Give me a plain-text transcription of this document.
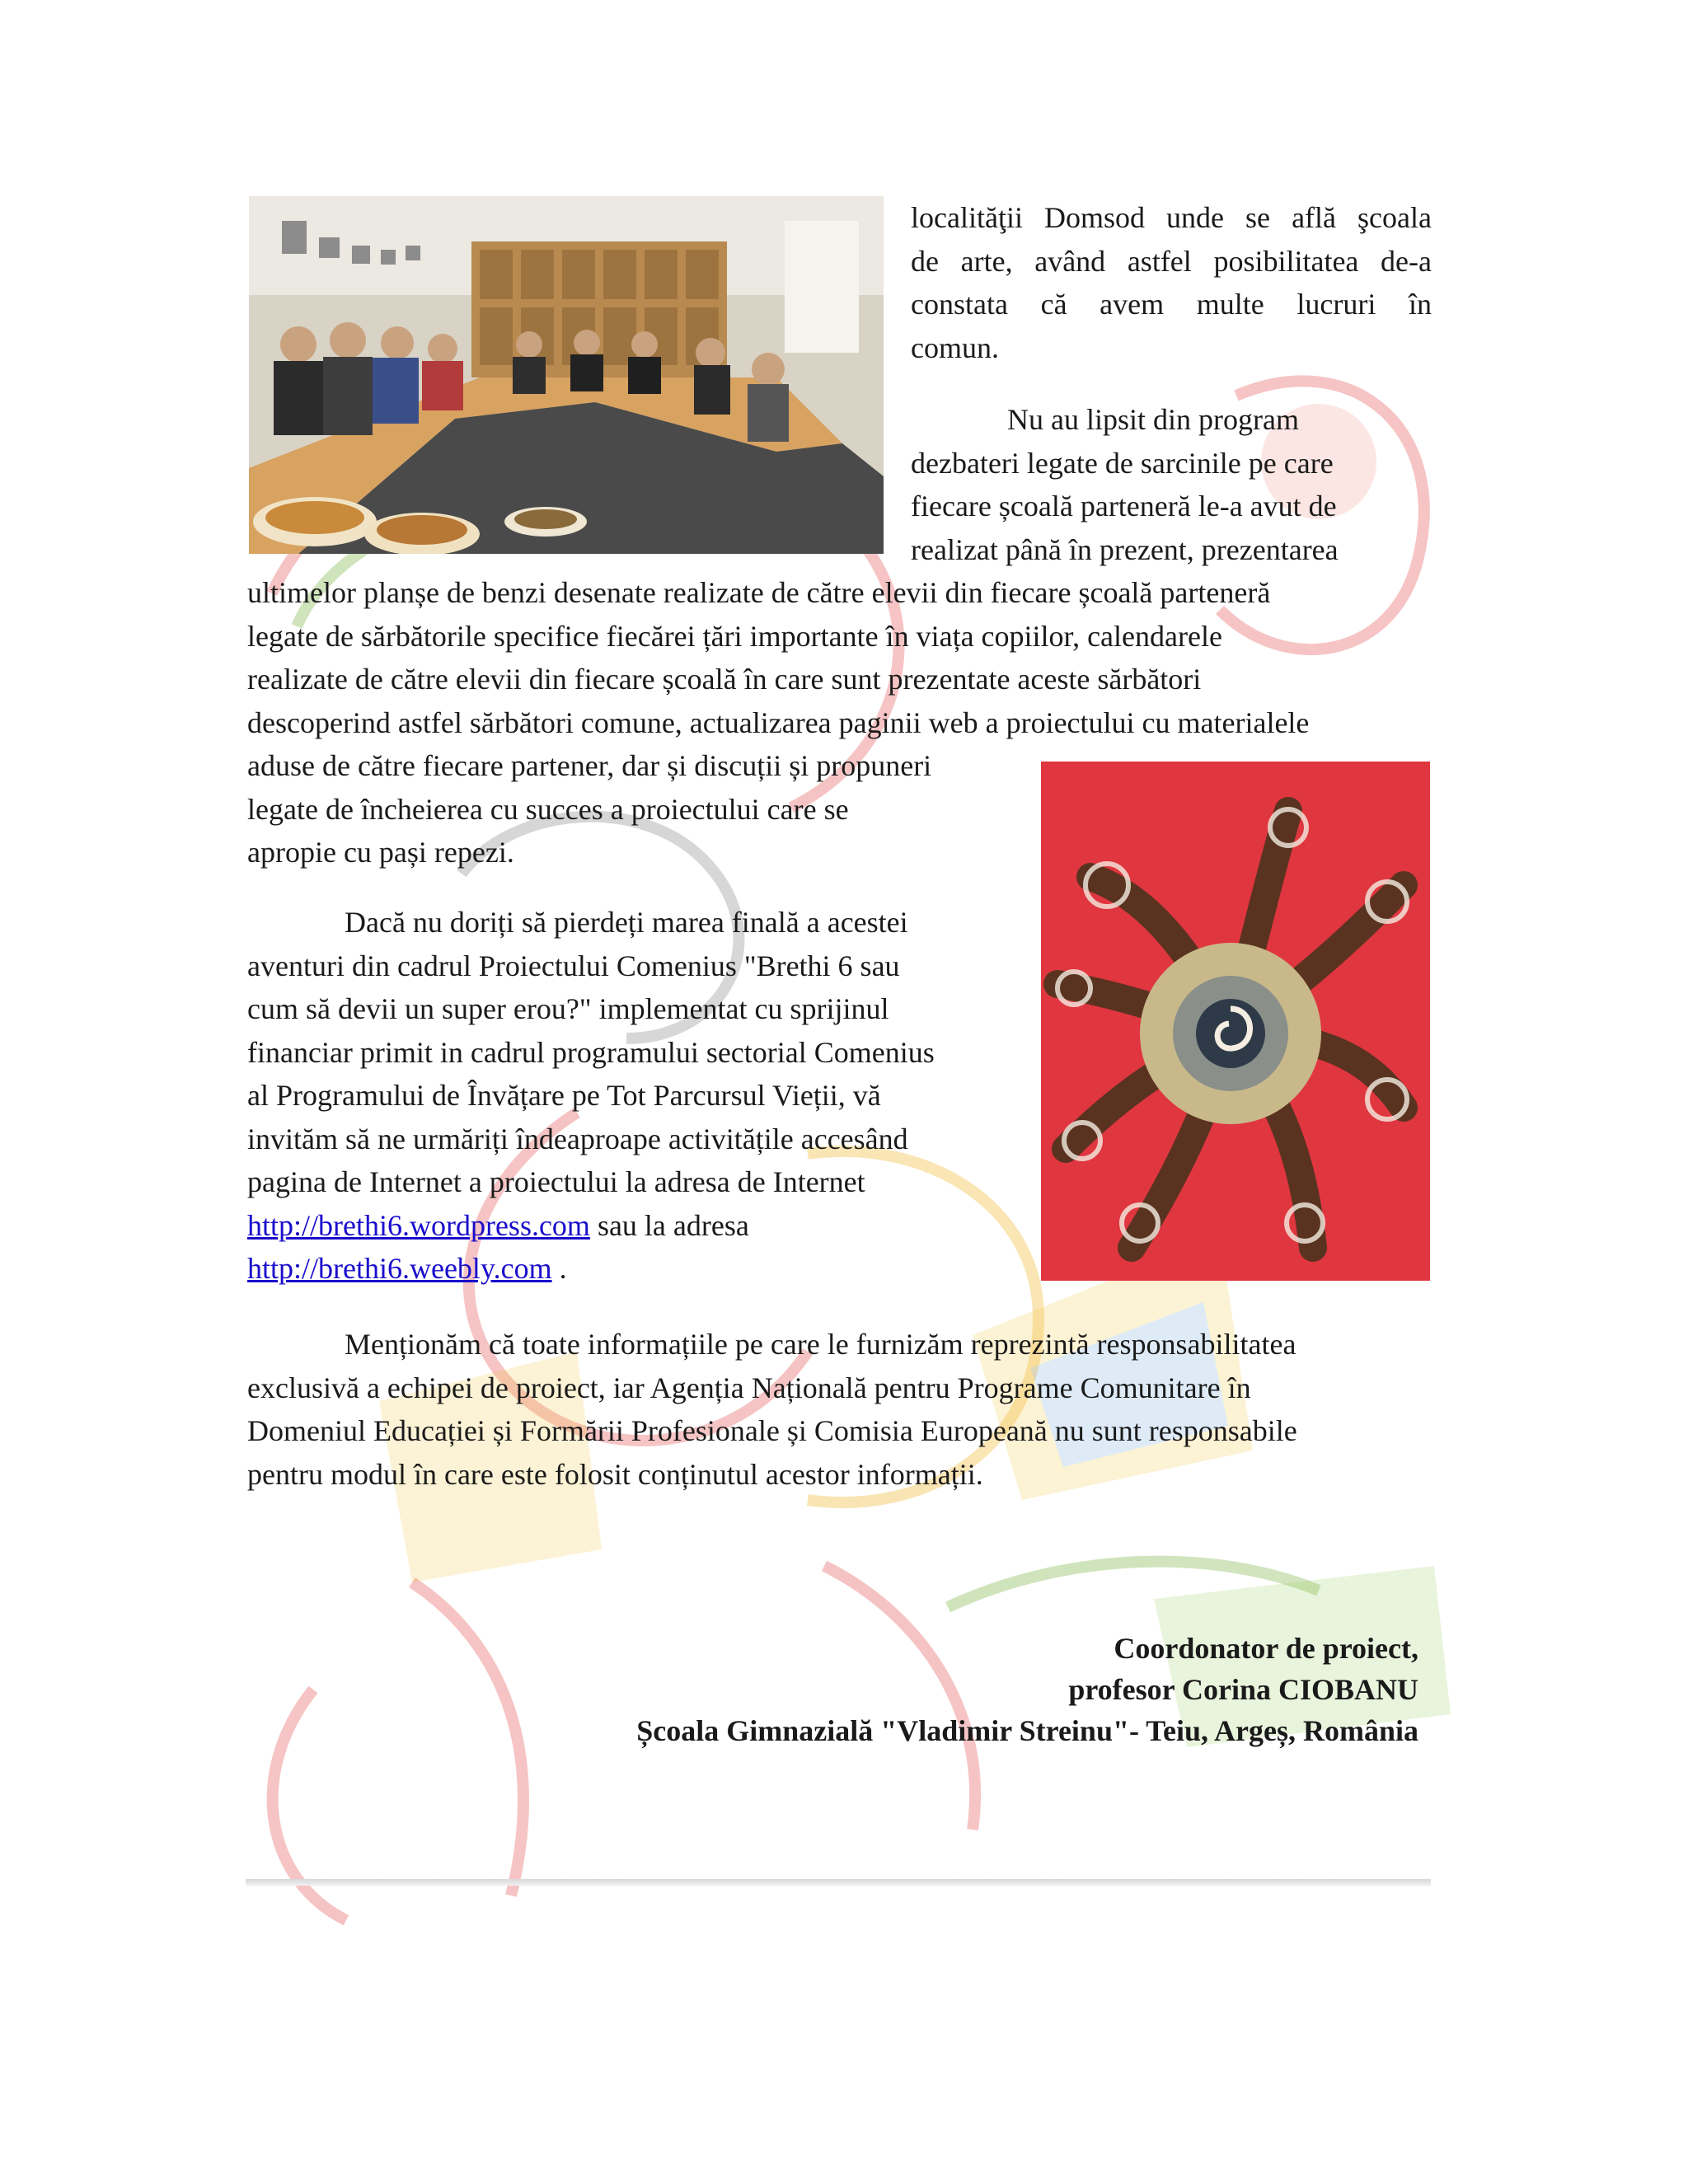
localităţii Domsod unde se află şcoala
de arte, având astfel posibilitatea de-a
constata că avem multe lucruri în
comun.
Nu au lipsit din program
dezbateri legate de sarcinile pe care
fiecare școală parteneră le-a avut de
realizat până în prezent, prezentarea
ultimelor planșe de benzi desenate realizate de către elevii din fiecare școală parteneră
legate de sărbătorile specifice fiecărei țări importante în viața copiilor, calendarele
realizate de către elevii din fiecare școală în care sunt prezentate aceste sărbători
descoperind astfel sărbători comune, actualizarea paginii web a proiectului cu materialele
aduse de către fiecare partener, dar și discuții și propuneri
legate de încheierea cu succes a proiectului care se
apropie cu pași repezi.
Dacă nu doriți să pierdeți marea finală a acestei
aventuri din cadrul Proiectului Comenius "Brethi 6 sau
cum să devii un super erou?" implementat cu sprijinul
financiar primit in cadrul programului sectorial Comenius
al Programului de Învățare pe Tot Parcursul Vieții, vă
invităm să ne urmăriți îndeaproape activitățile accesând
pagina de Internet a proiectului la adresa de Internet
http://brethi6.wordpress.com sau la adresa
http://brethi6.weebly.com .
Menționăm că toate informațiile pe care le furnizăm reprezintă responsabilitatea
exclusivă a echipei de proiect, iar Agenția Națională pentru Programe Comunitare în
Domeniul Educației și Formării Profesionale și Comisia Europeană nu sunt responsabile
pentru modul în care este folosit conținutul acestor informații.

Coordonator de proiect,

profesor Corina CIOBANU

Școala Gimnazială "Vladimir Streinu"- Teiu, Argeș, România
